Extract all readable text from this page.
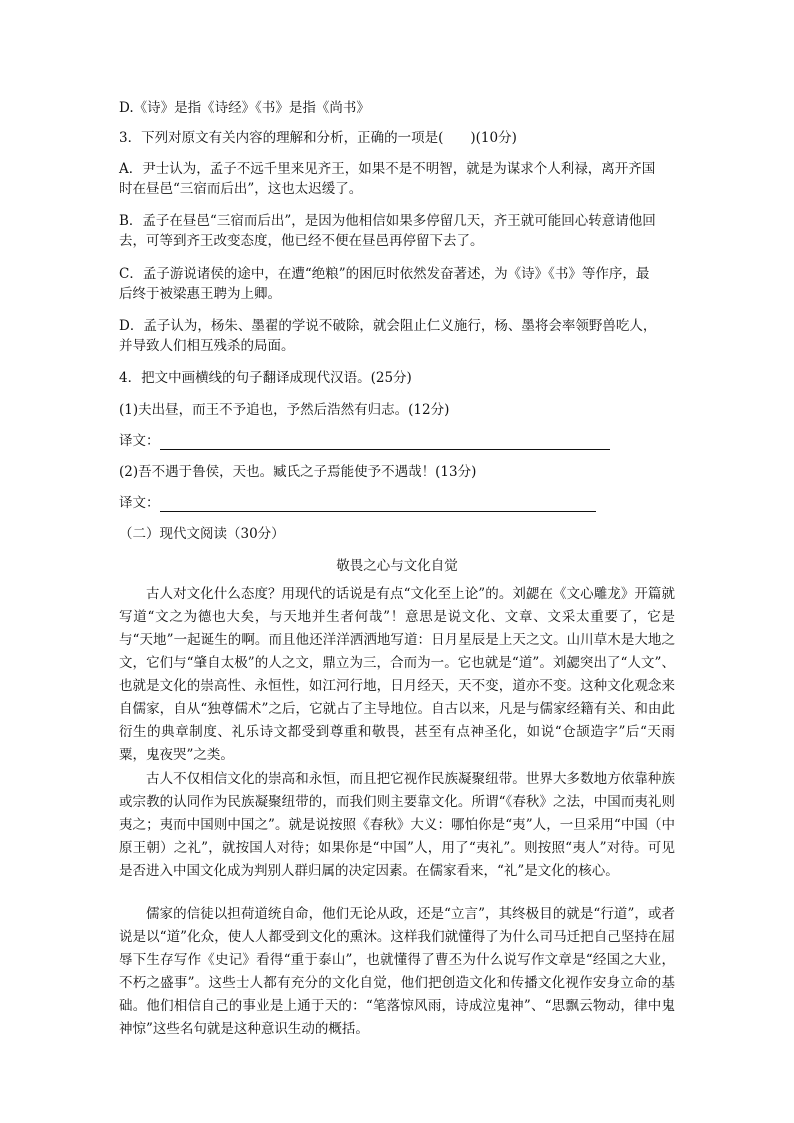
D.《诗》是指《诗经》《书》是指《尚书》
3．下列对原文有关内容的理解和分析，正确的一项是(　　)(10分)
A．尹士认为，孟子不远千里来见齐王，如果不是不明智，就是为谋求个人利禄，离开齐国
时在昼邑“三宿而后出”，这也太迟缓了。
B．孟子在昼邑“三宿而后出”，是因为他相信如果多停留几天，齐王就可能回心转意请他回
去，可等到齐王改变态度，他已经不便在昼邑再停留下去了。
C．孟子游说诸侯的途中，在遭“绝粮”的困厄时依然发奋著述，为《诗》《书》等作序，最
后终于被梁惠王聘为上卿。
D．孟子认为，杨朱、墨翟的学说不破除，就会阻止仁义施行，杨、墨将会率领野兽吃人，
并导致人们相互残杀的局面。
4．把文中画横线的句子翻译成现代汉语。(25分)
(1)夫出昼，而王不予追也，予然后浩然有归志。(12分)
译文：
(2)吾不遇于鲁侯，天也。臧氏之子焉能使予不遇哉！(13分)
译文：
（二）现代文阅读（30分）
敬畏之心与文化自觉
古人对文化什么态度？用现代的话说是有点“文化至上论”的。刘勰在《文心雕龙》开篇就写道“文之为德也大矣，与天地并生者何哉”！意思是说文化、文章、文采太重要了，它是与“天地”一起诞生的啊。而且他还洋洋洒洒地写道：日月星辰是上天之文。山川草木是大地之文，它们与“肇自太极”的人之文，鼎立为三，合而为一。它也就是“道”。刘勰突出了“人文”、也就是文化的崇高性、永恒性，如江河行地，日月经天，天不变，道亦不变。这种文化观念来自儒家，自从“独尊儒术”之后，它就占了主导地位。自古以来，凡是与儒家经籍有关、和由此衍生的典章制度、礼乐诗文都受到尊重和敬畏，甚至有点神圣化，如说“仓颉造字”后“天雨粟，鬼夜哭”之类。
古人不仅相信文化的崇高和永恒，而且把它视作民族凝聚纽带。世界大多数地方依靠种族或宗教的认同作为民族凝聚纽带的，而我们则主要靠文化。所谓“《春秋》之法，中国而夷礼则夷之；夷而中国则中国之”。就是说按照《春秋》大义：哪怕你是“夷”人，一旦采用“中国（中原王朝）之礼”，就按国人对待；如果你是“中国”人，用了“夷礼”。则按照“夷人”对待。可见是否进入中国文化成为判别人群归属的决定因素。在儒家看来，“礼”是文化的核心。
儒家的信徒以担荷道统自命，他们无论从政，还是“立言”，其终极目的就是“行道”，或者说是以“道”化众，使人人都受到文化的熏沐。这样我们就懂得了为什么司马迁把自己坚持在屈辱下生存写作《史记》看得“重于泰山”，也就懂得了曹丕为什么说写作文章是“经国之大业，不朽之盛事”。这些士人都有充分的文化自觉，他们把创造文化和传播文化视作安身立命的基础。他们相信自己的事业是上通于天的：“笔落惊风雨，诗成泣鬼神”、“思飘云物动，律中鬼神惊”这些名句就是这种意识生动的概括。
